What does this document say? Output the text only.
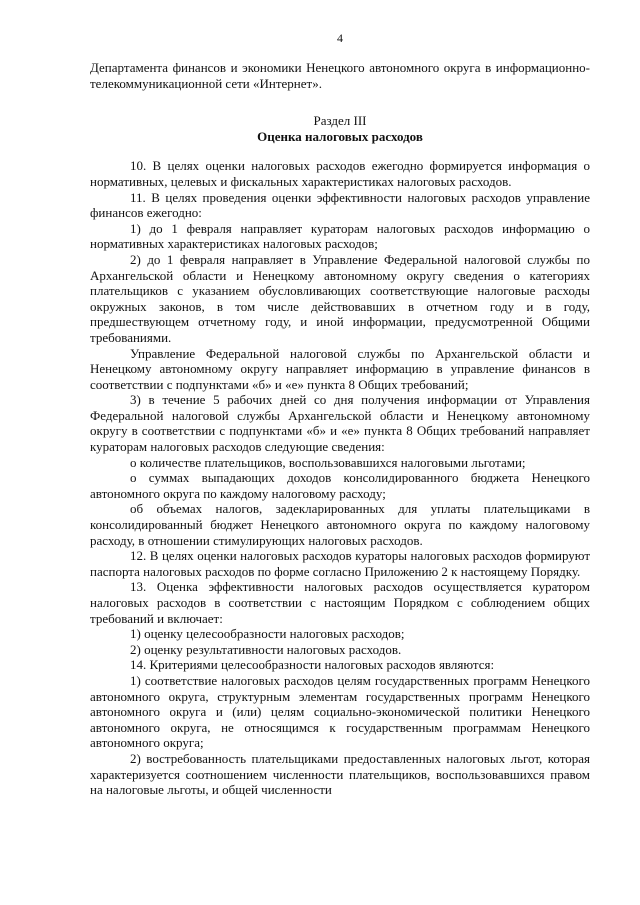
4

Департамента финансов и экономики Ненецкого автономного округа в информационно-телекоммуникационной сети «Интернет».

Раздел III
Оценка налоговых расходов

10. В целях оценки налоговых расходов ежегодно формируется информация о нормативных, целевых и фискальных характеристиках налоговых расходов.

11. В целях проведения оценки эффективности налоговых расходов управление финансов ежегодно:

1) до 1 февраля направляет кураторам налоговых расходов информацию о нормативных характеристиках налоговых расходов;

2) до 1 февраля направляет в Управление Федеральной налоговой службы по Архангельской области и Ненецкому автономному округу сведения о категориях плательщиков с указанием обусловливающих соответствующие налоговые расходы окружных законов, в том числе действовавших в отчетном году и в году, предшествующем отчетному году, и иной информации, предусмотренной Общими требованиями.

Управление Федеральной налоговой службы по Архангельской области и Ненецкому автономному округу направляет информацию в управление финансов в соответствии с подпунктами «б» и «е» пункта 8 Общих требований;

3) в течение 5 рабочих дней со дня получения информации от Управления Федеральной налоговой службы Архангельской области и Ненецкому автономному округу в соответствии с подпунктами «б» и «е» пункта 8 Общих требований направляет кураторам налоговых расходов следующие сведения:

о количестве плательщиков, воспользовавшихся налоговыми льготами;

о суммах выпадающих доходов консолидированного бюджета Ненецкого автономного округа по каждому налоговому расходу;

об объемах налогов, задекларированных для уплаты плательщиками в консолидированный бюджет Ненецкого автономного округа по каждому налоговому расходу, в отношении стимулирующих налоговых расходов.

12. В целях оценки налоговых расходов кураторы налоговых расходов формируют паспорта налоговых расходов по форме согласно Приложению 2 к настоящему Порядку.

13. Оценка эффективности налоговых расходов осуществляется куратором налоговых расходов в соответствии с настоящим Порядком с соблюдением общих требований и включает:

1) оценку целесообразности налоговых расходов;

2) оценку результативности налоговых расходов.

14. Критериями целесообразности налоговых расходов являются:

1) соответствие налоговых расходов целям государственных программ Ненецкого автономного округа, структурным элементам государственных программ Ненецкого автономного округа и (или) целям социально-экономической политики Ненецкого автономного округа, не относящимся к государственным программам Ненецкого автономного округа;

2) востребованность плательщиками предоставленных налоговых льгот, которая характеризуется соотношением численности плательщиков, воспользовавшихся правом на налоговые льготы, и общей численности
